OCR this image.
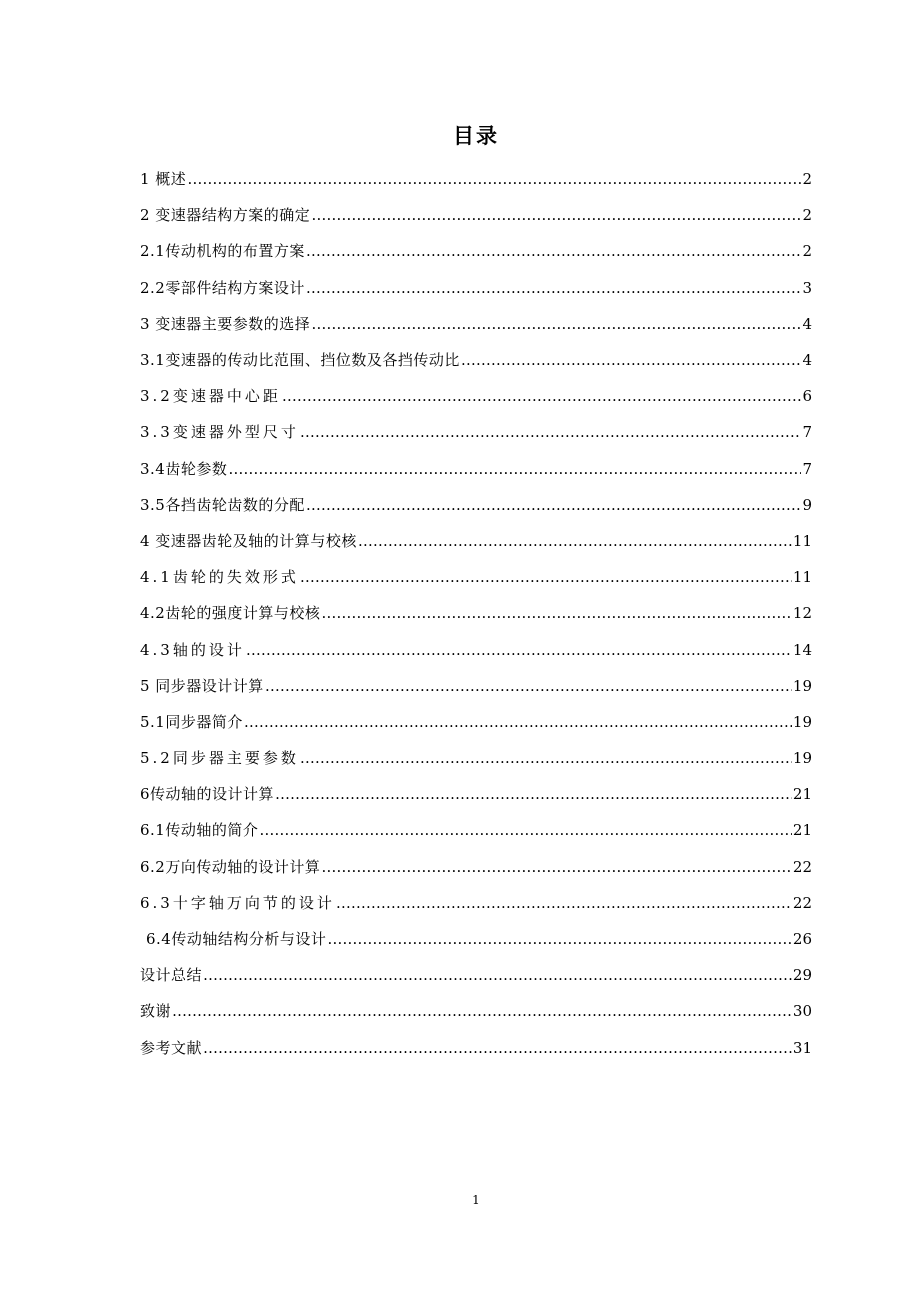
目录
1 概述 ……………………………………………………………………………………………………………………………………………………………………………………	2
2 变速器结构方案的确定 ……………………………………………………………………………………………………………………………………………………………………………………	2
2.1传动机构的布置方案 ……………………………………………………………………………………………………………………………………………………………………………………	2
2.2零部件结构方案设计 ……………………………………………………………………………………………………………………………………………………………………………………	3
3 变速器主要参数的选择 ……………………………………………………………………………………………………………………………………………………………………………………	4
3.1变速器的传动比范围、挡位数及各挡传动比 ……………………………………………………………………………………………………………………………………………………………………………………	4
3.2变速器中心距 ……………………………………………………………………………………………………………………………………………………………………………………	6
3.3变速器外型尺寸 ……………………………………………………………………………………………………………………………………………………………………………………	7
3.4齿轮参数 ……………………………………………………………………………………………………………………………………………………………………………………	7
3.5各挡齿轮齿数的分配 ……………………………………………………………………………………………………………………………………………………………………………………	9
4 变速器齿轮及轴的计算与校核 ……………………………………………………………………………………………………………………………………………………………………………………	11
4.1齿轮的失效形式 ……………………………………………………………………………………………………………………………………………………………………………………	11
4.2齿轮的强度计算与校核 ……………………………………………………………………………………………………………………………………………………………………………………	12
4.3轴的设计 ……………………………………………………………………………………………………………………………………………………………………………………	14
5 同步器设计计算 ……………………………………………………………………………………………………………………………………………………………………………………	19
5.1同步器简介 ……………………………………………………………………………………………………………………………………………………………………………………	19
5.2同步器主要参数 ……………………………………………………………………………………………………………………………………………………………………………………	19
6传动轴的设计计算 ……………………………………………………………………………………………………………………………………………………………………………………	21
6.1传动轴的简介 ……………………………………………………………………………………………………………………………………………………………………………………	21
6.2万向传动轴的设计计算 ……………………………………………………………………………………………………………………………………………………………………………………	22
6.3十字轴万向节的设计 ……………………………………………………………………………………………………………………………………………………………………………………	22
6.4传动轴结构分析与设计 ……………………………………………………………………………………………………………………………………………………………………………………	26
设计总结 ……………………………………………………………………………………………………………………………………………………………………………………	29
致谢 ……………………………………………………………………………………………………………………………………………………………………………………	30
参考文献 ……………………………………………………………………………………………………………………………………………………………………………………	31
1
